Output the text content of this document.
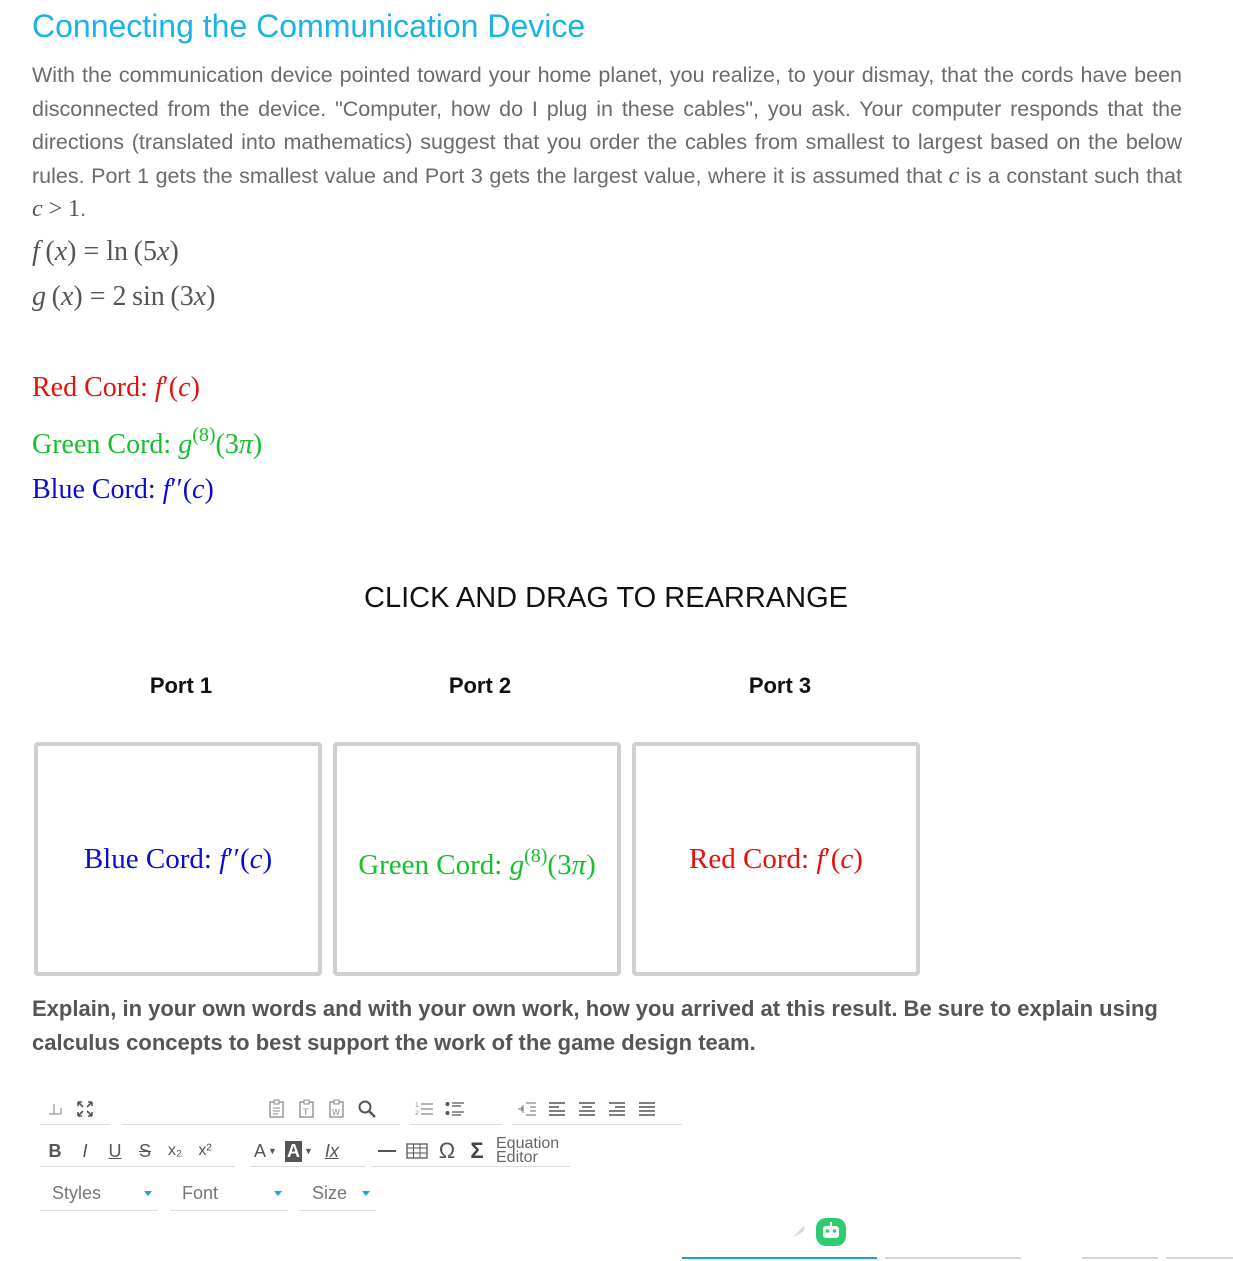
Connecting the Communication Device

With the communication device pointed toward your home planet, you realize, to your dismay, that the cords have been disconnected from the device. "Computer, how do I plug in these cables", you ask. Your computer responds that the directions (translated into mathematics) suggest that you order the cables from smallest to largest based on the below rules. Port 1 gets the smallest value and Port 3 gets the largest value, where it is assumed that c is a constant such that c > 1.

f (x) = ln (5x)
g (x) = 2  sin (3x)
Red Cord: f′(c)
Green Cord: $g^{(8)}(3\pi)$
Blue Cord: f′′(c)
CLICK AND DRAG TO REARRANGE
Port 1	Port 2	Port 3
Blue Cord: f′′(c)	Green Cord: $g^{(8)}(3\pi)$	Red Cord: f′(c)

Explain, in your own words and with your own work, how you arrived at this result. Be sure to explain using calculus concepts to best support the work of the game design team.

T	W
1
2
B	I	U S	x₂	x²	A ▼ A ▼ Ix	Ω Σ Equation
Editor
Styles	Font	Size
